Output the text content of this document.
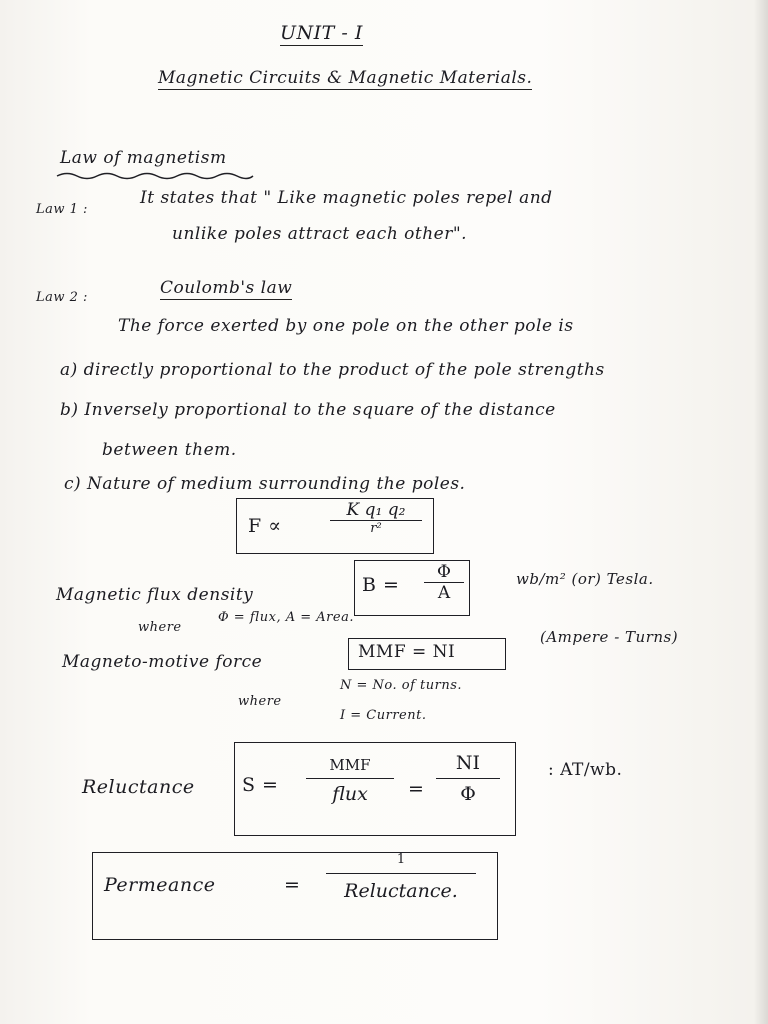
UNIT - I
Magnetic Circuits & Magnetic Materials.
Law of magnetism
Law 1 :
It states that " Like magnetic poles repel and
unlike poles attract each other".
Law 2 :	Coulomb's law
The force exerted by one pole on the other pole is
a) directly proportional to the product of the pole strengths
b) Inversely proportional to the square of the distance
between them.
c) Nature of medium surrounding the poles.
F ∝
K q₁ q₂
r²
Magnetic flux density	B =
Φ
A
wb/m² (or) Tesla.
where
Φ = flux, A = Area.
Magneto-motive force	MMF = NI
(Ampere - Turns)
where
N = No. of turns.
I = Current.
Reluctance S =
MMF
flux =
NI
Φ
: AT/wb.
Permeance	=
1
Reluctance.
